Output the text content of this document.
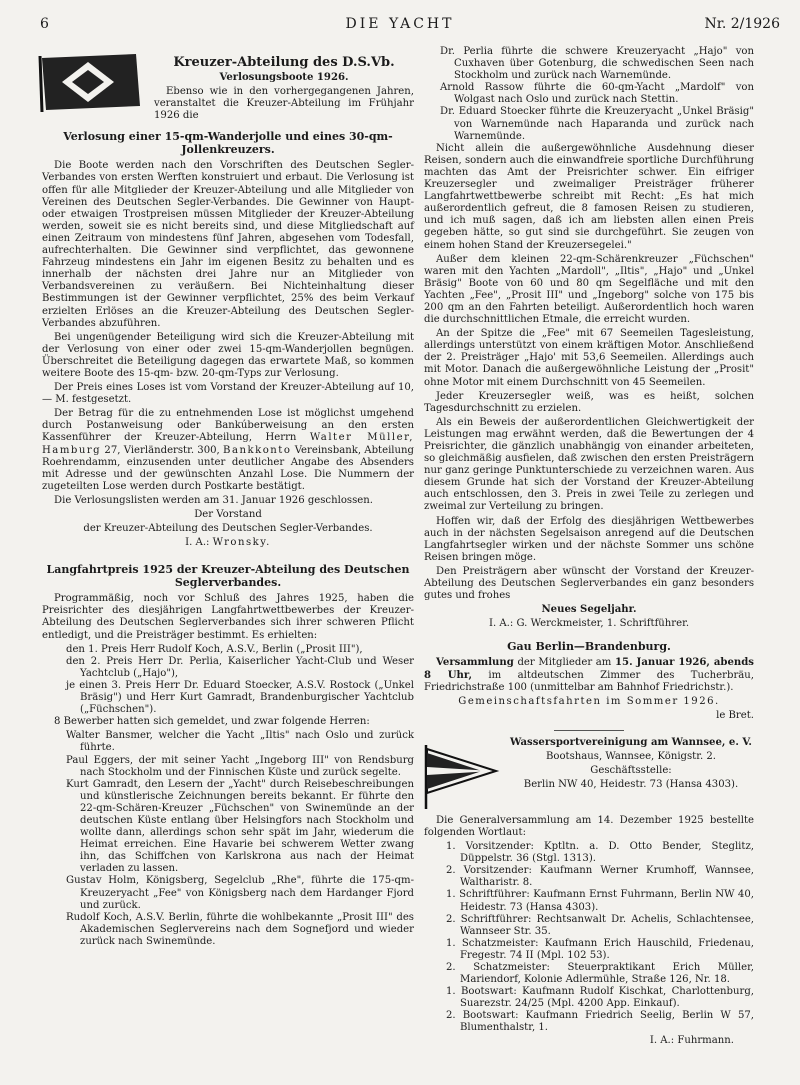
6	DIE YACHT	Nr. 2/1926
Kreuzer-Abteilung des D.S.Vb.

Verlosungsboote 1926.

Ebenso wie in den vorhergegangenen Jahren, veranstaltet die Kreuzer-Abteilung im Frühjahr 1926 die

Verlosung einer 15-qm-Wanderjolle und eines 30-qm-Jollenkreuzers.

Die Boote werden nach den Vorschriften des Deutschen Segler-Verbandes von ersten Werften konstruiert und erbaut. Die Verlosung ist offen für alle Mitglieder der Kreuzer-Abteilung und alle Mitglieder von Vereinen des Deutschen Segler-Verbandes. Die Gewinner von Haupt- oder etwaigen Trostpreisen müssen Mitglieder der Kreuzer-Abteilung werden, soweit sie es nicht bereits sind, und diese Mitgliedschaft auf einen Zeitraum von mindestens fünf Jahren, abgesehen vom Todesfall, aufrechterhalten. Die Gewinner sind verpflichtet, das gewonnene Fahrzeug mindestens ein Jahr im eigenen Besitz zu behalten und es innerhalb der nächsten drei Jahre nur an Mitglieder von Verbandsvereinen zu veräußern. Bei Nichteinhaltung dieser Bestimmungen ist der Gewinner verpflichtet, 25% des beim Verkauf erzielten Erlöses an die Kreuzer-Abteilung des Deutschen Segler-Verbandes abzuführen.

Bei ungenügender Beteiligung wird sich die Kreuzer-Abteilung mit der Verlosung von einer oder zwei 15-qm-Wanderjollen begnügen. Überschreitet die Beteiligung dagegen das erwartete Maß, so kommen weitere Boote des 15-qm- bzw. 20-qm-Typs zur Verlosung.

Der Preis eines Loses ist vom Vorstand der Kreuzer-Abteilung auf 10,— M. festgesetzt.

Der Betrag für die zu entnehmenden Lose ist möglichst umgehend durch Postanweisung oder Bankúberweisung an den ersten Kassenführer der Kreuzer-Abteilung, Herrn Walter Müller, Hamburg 27, Vierländerstr. 300, Bankkonto Vereinsbank, Abteilung Roehrendamm, einzusenden unter deutlicher Angabe des Absenders mit Adresse und der gewünschten Anzahl Lose. Die Nummern der zugeteilten Lose werden durch Postkarte bestätigt.

Die Verlosungslisten werden am 31. Januar 1926 geschlossen.

Der Vorstand

der Kreuzer-Abteilung des Deutschen Segler-Verbandes.

I. A.: Wronsky.

Langfahrtpreis 1925 der Kreuzer-Abteilung des Deutschen Seglerverbandes.

Programmäßig, noch vor Schluß des Jahres 1925, haben die Preisrichter des diesjährigen Langfahrtwettbewerbes der Kreuzer-Abteilung des Deutschen Seglerverbandes sich ihrer schweren Pflicht entledigt, und die Preisträger bestimmt. Es erhielten:

den 1. Preis Herr Rudolf Koch, A.S.V., Berlin („Prosit III"),

den 2. Preis Herr Dr. Perlia, Kaiserlicher Yacht-Club und Weser Yachtclub („Hajo"),

je einen 3. Preis Herr Dr. Eduard Stoecker, A.S.V. Rostock („Unkel Bräsig") und Herr Kurt Gamradt, Brandenburgischer Yachtclub („Füchschen").

8 Bewerber hatten sich gemeldet, und zwar folgende Herren:

Walter Bansmer, welcher die Yacht „Iltis" nach Oslo und zurück führte.

Paul Eggers, der mit seiner Yacht „Ingeborg III" von Rendsburg nach Stockholm und der Finnischen Küste und zurück segelte.

Kurt Gamradt, den Lesern der „Yacht" durch Reisebeschreibungen und künstlerische Zeichnungen bereits bekannt. Er führte den 22-qm-Schären-Kreuzer „Füchschen" von Swinemünde an der deutschen Küste entlang über Helsingfors nach Stockholm und wollte dann, allerdings schon sehr spät im Jahr, wiederum die Heimat erreichen. Eine Havarie bei schwerem Wetter zwang ihn, das Schiffchen von Karlskrona aus nach der Heimat verladen zu lassen.

Gustav Holm, Königsberg, Segelclub „Rhe", führte die 175-qm-Kreuzeryacht „Fee" von Königsberg nach dem Hardanger Fjord und zurück.

Rudolf Koch, A.S.V. Berlin, führte die wohlbekannte „Prosit III" des Akademischen Seglervereins nach dem Sognefjord und wieder zurück nach Swinemünde.

Dr. Perlia führte die schwere Kreuzeryacht „Hajo" von Cuxhaven über Gotenburg, die schwedischen Seen nach Stockholm und zurück nach Warnemünde.

Arnold Rassow führte die 60-qm-Yacht „Mardolf" von Wolgast nach Oslo und zurück nach Stettin.

Dr. Eduard Stoecker führte die Kreuzeryacht „Unkel Bräsig" von Warnemünde nach Haparanda und zurück nach Warnemünde.

Nicht allein die außergewöhnliche Ausdehnung dieser Reisen, sondern auch die einwandfreie sportliche Durchführung machten das Amt der Preisrichter schwer. Ein eifriger Kreuzersegler und zweimaliger Preisträger früherer Langfahrtwettbewerbe schreibt mit Recht: „Es hat mich außerordentlich gefreut, die 8 famosen Reisen zu studieren, und ich muß sagen, daß ich am liebsten allen einen Preis gegeben hätte, so gut sind sie durchgeführt. Sie zeugen von einem hohen Stand der Kreuzersegelei."

Außer dem kleinen 22-qm-Schärenkreuzer „Füchschen" waren mit den Yachten „Mardoll", „Iltis", „Hajo" und „Unkel Bräsig" Boote von 60 und 80 qm Segelfläche und mit den Yachten „Fee", „Prosit III" und „Ingeborg" solche von 175 bis 200 qm an den Fahrten beteiligt. Außerordentlich hoch waren die durchschnittlichen Etmale, die erreicht wurden.

An der Spitze die „Fee" mit 67 Seemeilen Tagesleistung, allerdings unterstützt von einem kräftigen Motor. Anschließend der 2. Preisträger „Hajo' mit 53,6 Seemeilen. Allerdings auch mit Motor. Danach die außergewöhnliche Leistung der „Prosit" ohne Motor mit einem Durchschnitt von 45 Seemeilen.

Jeder Kreuzersegler weiß, was es heißt, solchen Tagesdurchschnitt zu erzielen.

Als ein Beweis der außerordentlichen Gleichwertigkeit der Leistungen mag erwähnt werden, daß die Bewertungen der 4 Preisrichter, die gänzlich unabhängig von einander arbeiteten, so gleichmäßig ausfielen, daß zwischen den ersten Preisträgern nur ganz geringe Punktunterschiede zu verzeichnen waren. Aus diesem Grunde hat sich der Vorstand der Kreuzer-Abteilung auch entschlossen, den 3. Preis in zwei Teile zu zerlegen und zweimal zur Verteilung zu bringen.

Hoffen wir, daß der Erfolg des diesjährigen Wettbewerbes auch in der nächsten Segelsaison anregend auf die Deutschen Langfahrtsegler wirken und der nächste Sommer uns schöne Reisen bringen möge.

Den Preisträgern aber wünscht der Vorstand der Kreuzer-Abteilung des Deutschen Seglerverbandes ein ganz besonders gutes und frohes

Neues Segeljahr.

I. A.: G. Werckmeister, 1. Schriftführer.

Gau Berlin—Brandenburg.

Versammlung der Mitglieder am 15. Januar 1926, abends 8 Uhr, im altdeutschen Zimmer des Tucherbräu, Friedrichstraße 100 (unmittelbar am Bahnhof Friedrichstr.).

Gemeinschaftsfahrten im Sommer 1926.

le Bret.

Wassersportvereinigung am Wannsee, e. V.

Bootshaus, Wannsee, Königstr. 2.

Geschäftsstelle:

Berlin NW 40, Heidestr. 73 (Hansa 4303).

Die Generalversammlung am 14. Dezember 1925 bestellte folgenden Wortlaut:

1. Vorsitzender: Kptltn. a. D. Otto Bender, Steglitz, Düppelstr. 36 (Stgl. 1313).

2. Vorsitzender: Kaufmann Werner Krumhoff, Wannsee, Waltharistr. 8.

1. Schriftführer: Kaufmann Ernst Fuhrmann, Berlin NW 40, Heidestr. 73 (Hansa 4303).

2. Schriftführer: Rechtsanwalt Dr. Achelis, Schlachtensee, Wannseer Str. 35.

1. Schatzmeister: Kaufmann Erich Hauschild, Friedenau, Fregestr. 74 II (Mpl. 102 53).

2. Schatzmeister: Steuerpraktikant Erich Müller, Mariendorf, Kolonie Adlermühle, Straße 126, Nr. 18.

1. Bootswart: Kaufmann Rudolf Kischkat, Charlottenburg, Suarezstr. 24/25 (Mpl. 4200 App. Einkauf).

2. Bootswart: Kaufmann Friedrich Seelig, Berlin W 57, Blumenthalstr, 1.

I. A.: Fuhrmann.
